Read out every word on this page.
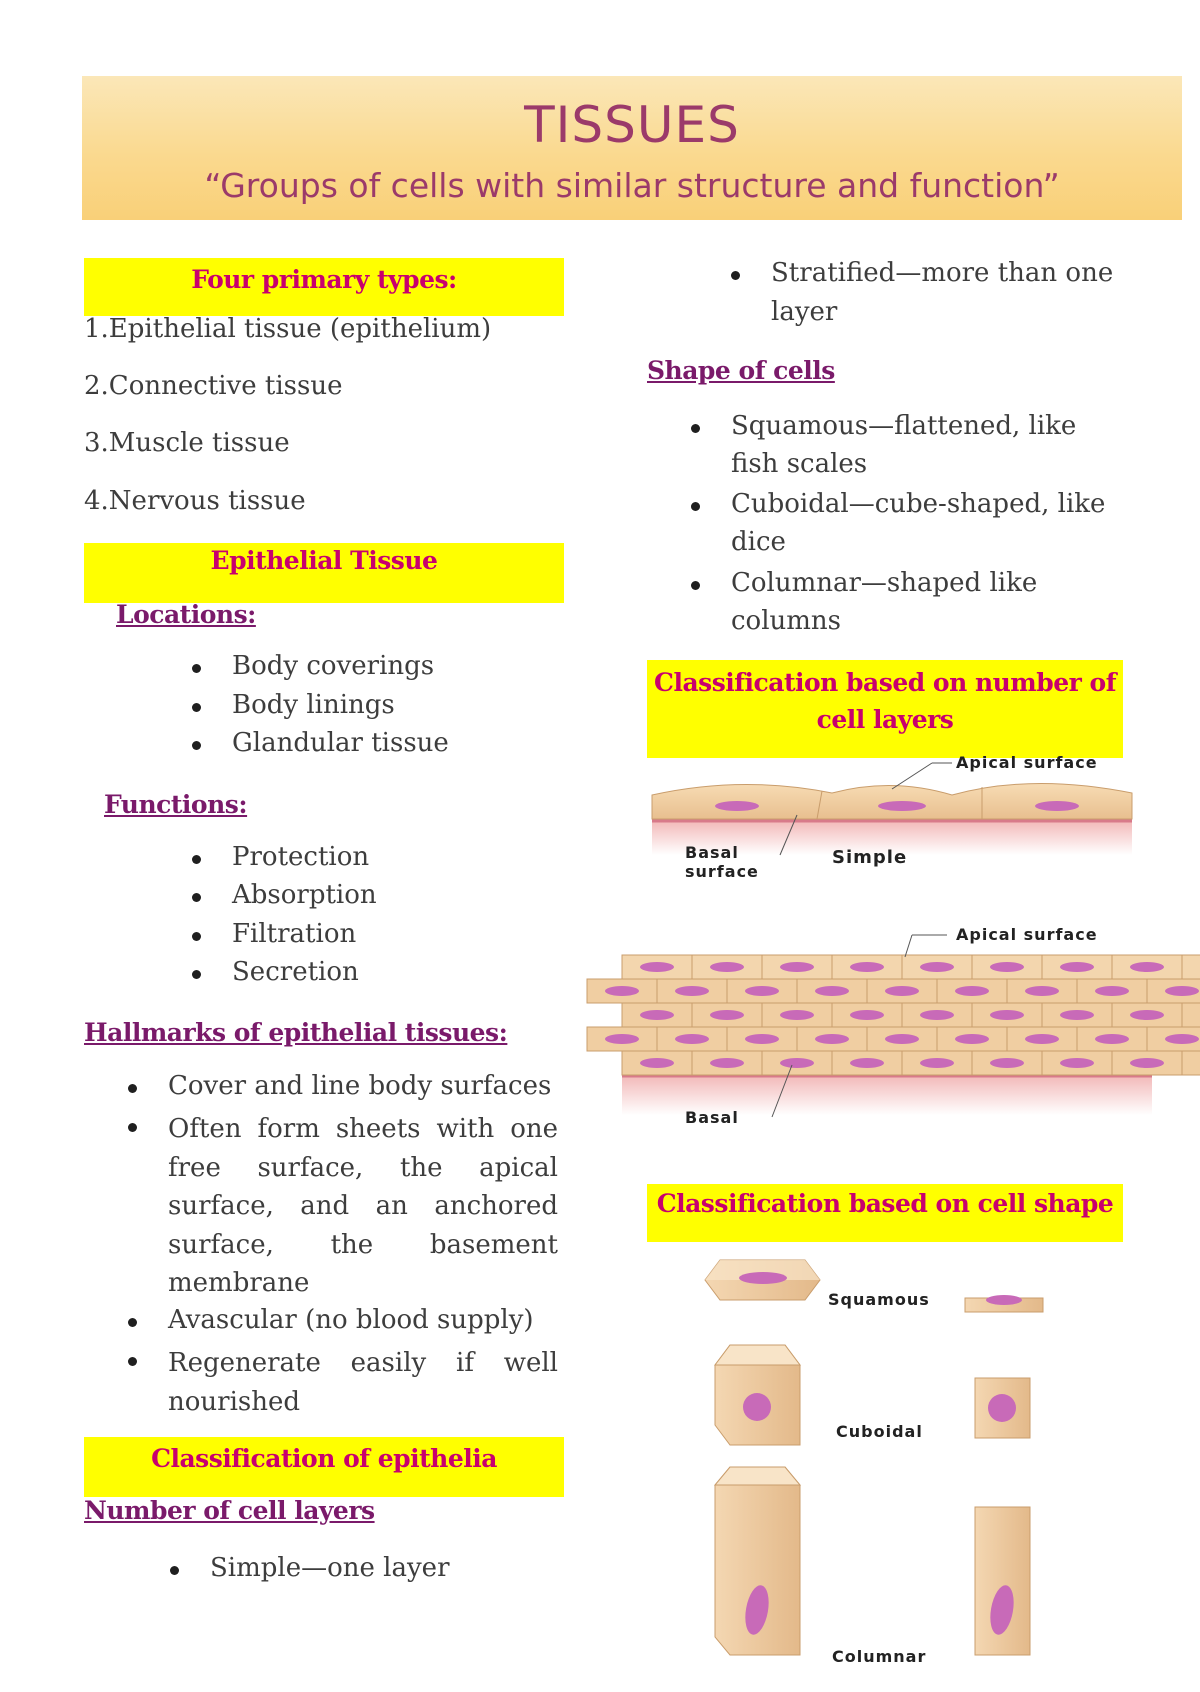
TISSUES
“Groups of cells with similar structure and function”
Four primary types:
1.Epithelial tissue (epithelium)
2.Connective tissue
3.Muscle tissue
4.Nervous tissue
Epithelial Tissue
Locations:
Body coverings
Body linings
Glandular tissue
Functions:
Protection
Absorption
Filtration
Secretion
Hallmarks of epithelial tissues:
Cover and line body surfaces
Often form sheets with one
free surface, the apical
surface, and an anchored
surface, the basement
membrane
Avascular (no blood supply)
Regenerate easily if well
nourished
Classification of epithelia
Number of cell layers
Simple—one layer
Stratified—more than one
layer
Shape of cells
Squamous—flattened, like
fish scales
Cuboidal—cube-shaped, like
dice
Columnar—shaped like
columns
Classification based on number of
cell layers
Apical surface
Basal
surface
Simple
Apical surface
Basal
Classification based on cell shape
Squamous
Cuboidal
Columnar
